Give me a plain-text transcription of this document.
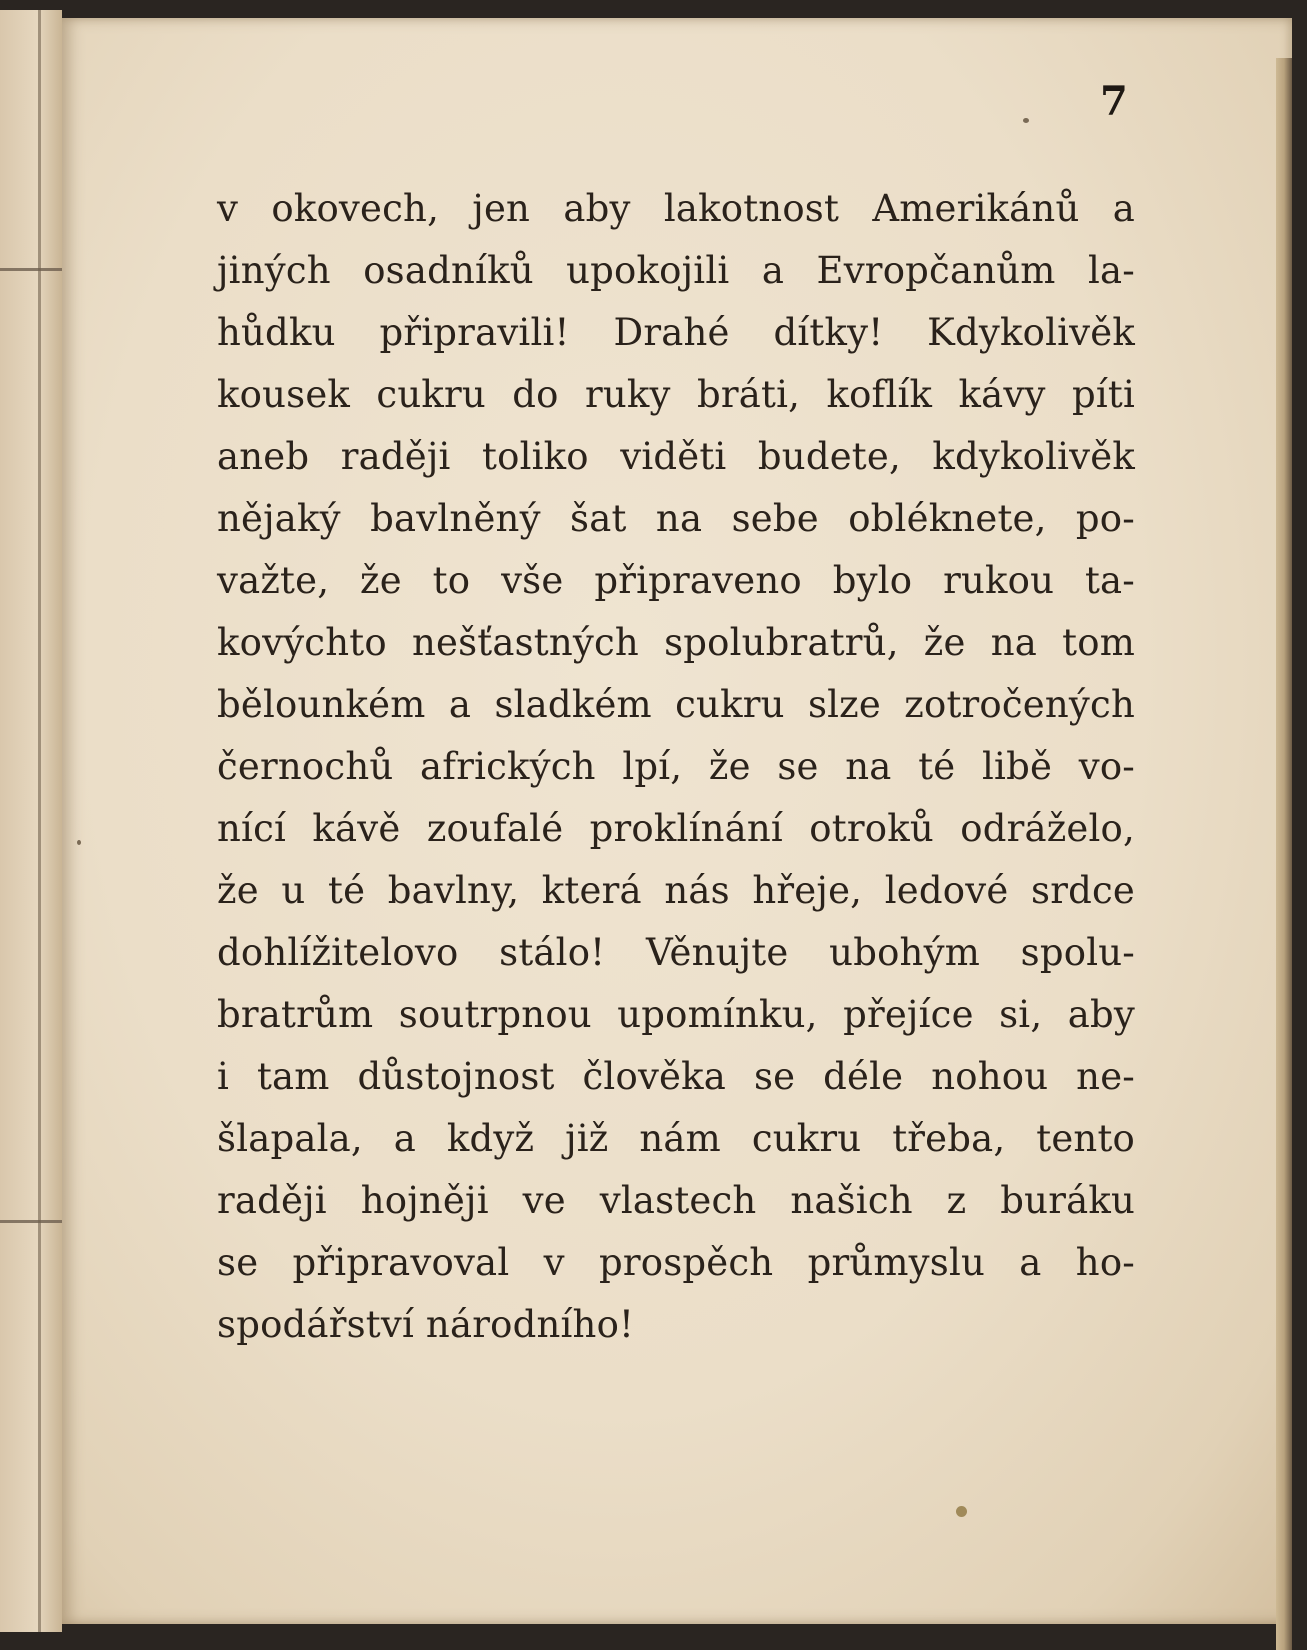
7
v okovech, jen aby lakotnost Amerikánů a
jiných osadníků upokojili a Evropčanům la-
hůdku připravili! Drahé dítky! Kdykolivěk
kousek cukru do ruky bráti, koflík kávy píti
aneb raději toliko viděti budete, kdykolivěk
nějaký bavlněný šat na sebe obléknete, po-
važte, že to vše připraveno bylo rukou ta-
kovýchto nešťastných spolubratrů, že na tom
bělounkém a sladkém cukru slze zotročených
černochů afrických lpí, že se na té libě vo-
nící kávě zoufalé proklínání otroků odráželo,
že u té bavlny, která nás hřeje, ledové srdce
dohlížitelovo stálo! Věnujte ubohým spolu-
bratrům soutrpnou upomínku, přejíce si, aby
i tam důstojnost člověka se déle nohou ne-
šlapala, a když již nám cukru třeba, tento
raději hojněji ve vlastech našich z buráku
se připravoval v prospěch průmyslu a ho-
spodářství národního!
